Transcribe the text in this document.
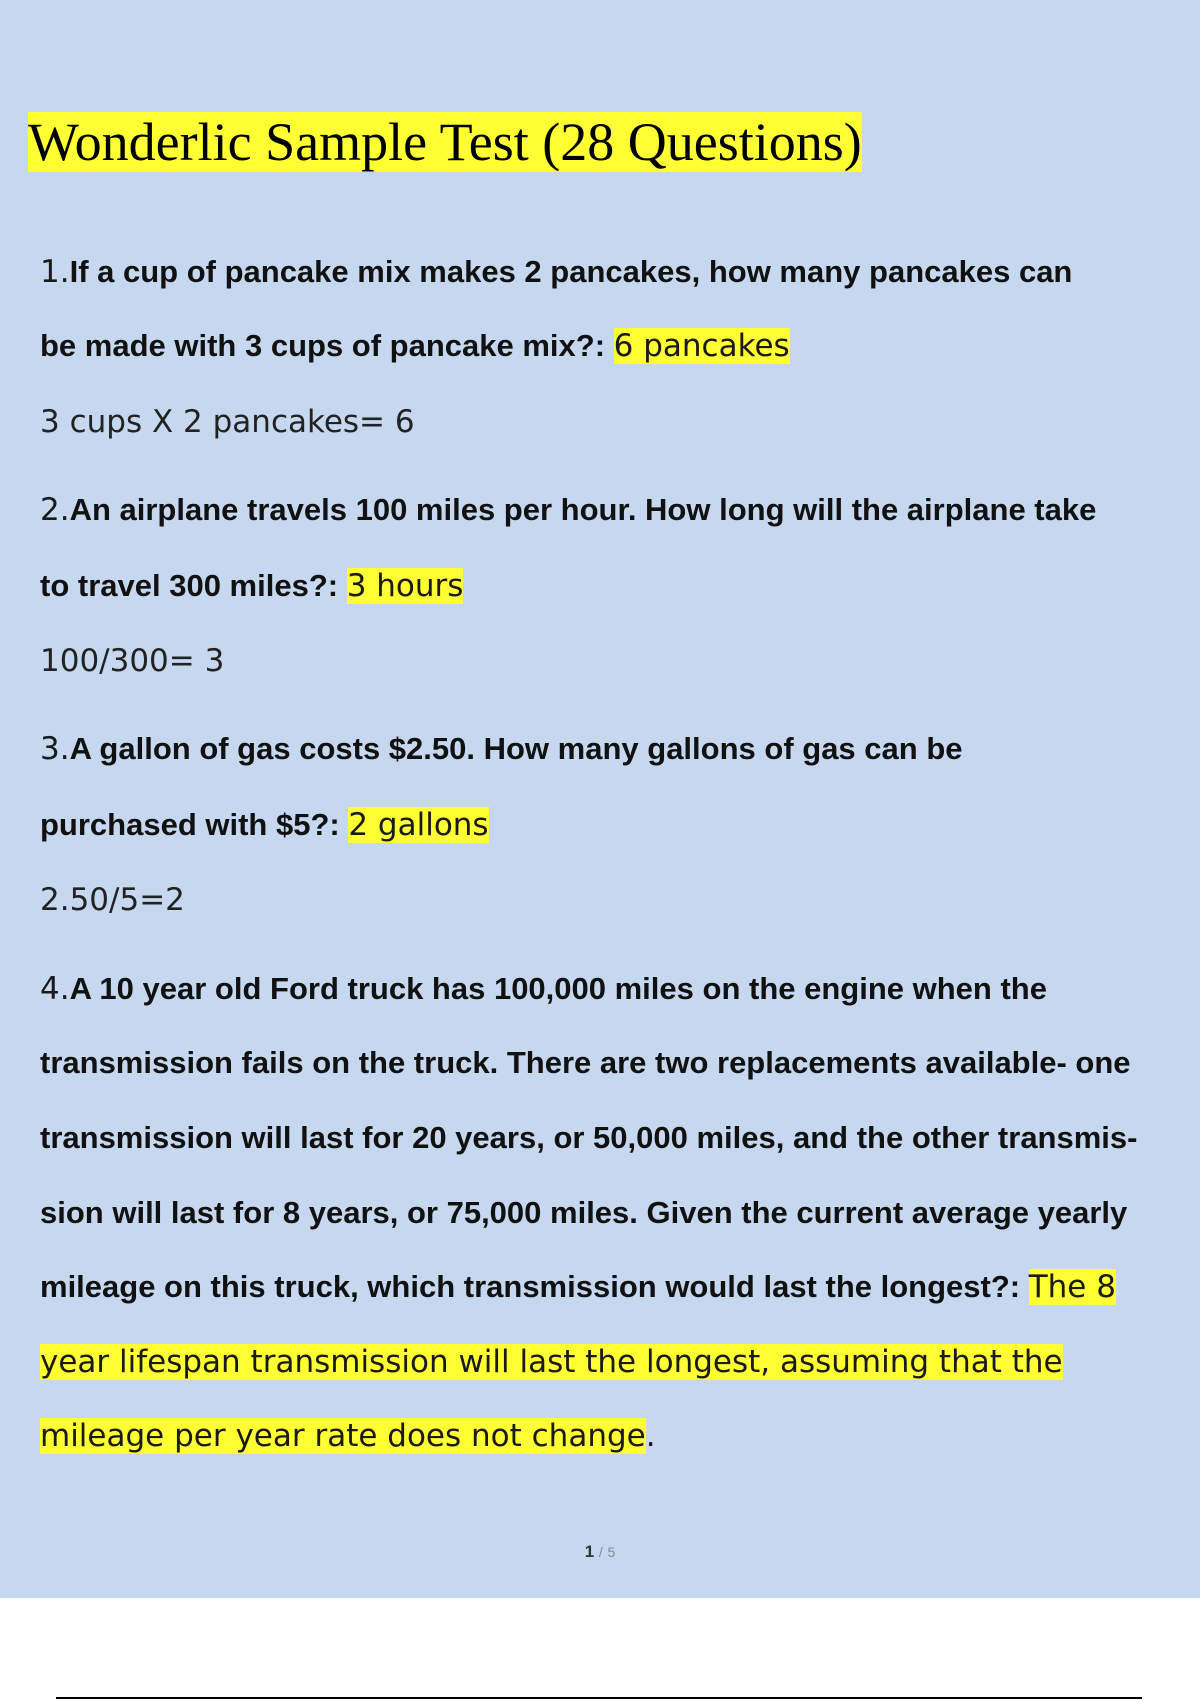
Wonderlic Sample Test (28 Questions)
1.If a cup of pancake mix makes 2 pancakes, how many pancakes can
be made with 3 cups of pancake mix?: 6 pancakes
3 cups X 2 pancakes= 6
2.An airplane travels 100 miles per hour. How long will the airplane take
to travel 300 miles?: 3 hours
100/300= 3
3.A gallon of gas costs $2.50. How many gallons of gas can be
purchased with $5?: 2 gallons
2.50/5=2
4.A 10 year old Ford truck has 100,000 miles on the engine when the
transmission fails on the truck. There are two replacements available- one
transmission will last for 20 years, or 50,000 miles, and the other transmis-
sion will last for 8 years, or 75,000 miles. Given the current average yearly
mileage on this truck, which transmission would last the longest?: The 8
year lifespan transmission will last the longest, assuming that the
mileage per year rate does not change.
1 / 5
